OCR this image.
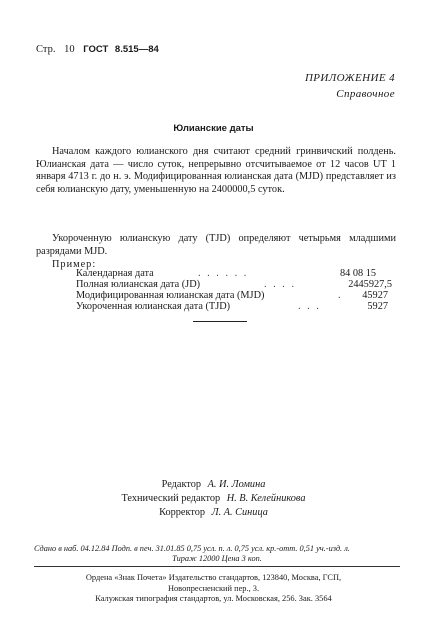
Стр. 10 ГОСТ 8.515—84
ПРИЛОЖЕНИЕ 4
Справочное
Юлианские даты
Началом каждого юлианского дня считают средний гринвичский полдень. Юлианская дата — число суток, непрерывно отсчитываемое от 12 часов UT 1 января 4713 г. до н. э. Модифицированная юлианская дата (MJD) представляет из себя юлианскую дату, уменьшенную на 2400000,5 суток.
Укороченную юлианскую дату (TJD) определяют четырьмя младшими разрядами MJD.
Пример:
Календарная дата	. . . . . .	84 08 15
Полная юлианская дата (JD)	. . . .	2445927,5
Модифицированная юлианская дата (MJD)	. 45927
Укороченная юлианская дата (TJD)	. . .	5927
Редактор А. И. Ломина
Технический редактор Н. В. Келейникова
Корректор Л. А. Синица
Сдано в наб. 04.12.84 Подп. в печ. 31.01.85 0,75 усл. п. л. 0,75 усл. кр.-отт. 0,51 уч.-изд. л.
Тираж 12000 Цена 3 коп.
Ордена «Знак Почета» Издательство стандартов, 123840, Москва, ГСП,
Новопресненский пер., 3.
Калужская типография стандартов, ул. Московская, 256. Зак. 3564
